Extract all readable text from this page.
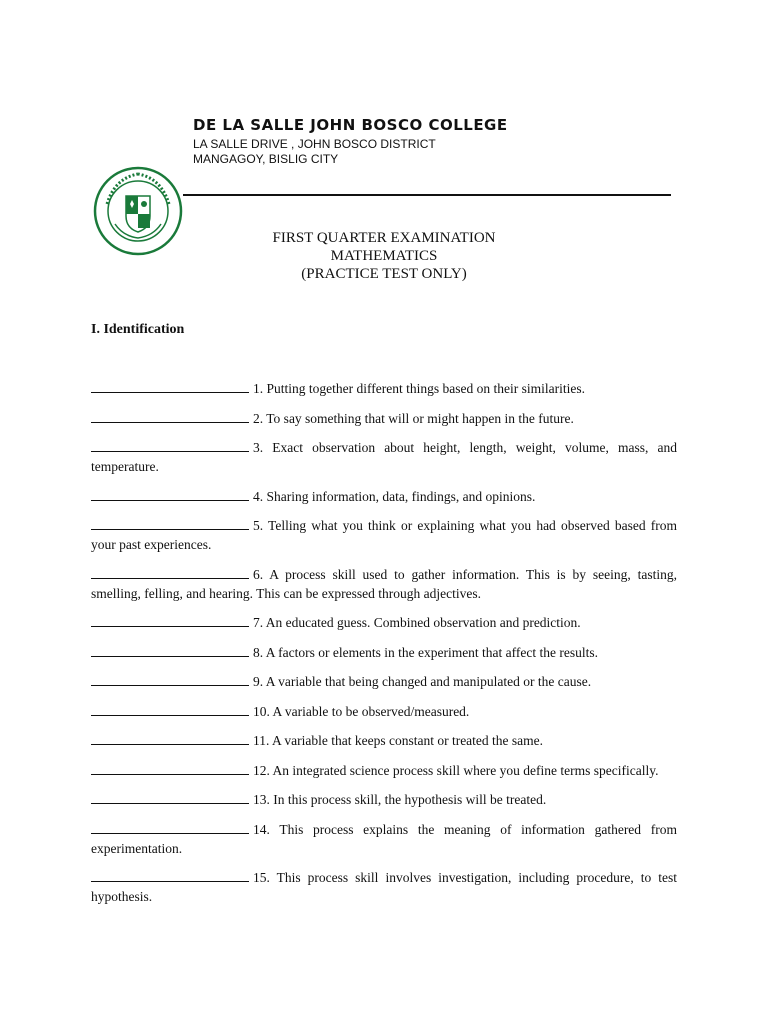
DE LA SALLE JOHN BOSCO COLLEGE
LA SALLE DRIVE , JOHN BOSCO DISTRICT
MANGAGOY, BISLIG CITY
FIRST QUARTER EXAMINATION
MATHEMATICS
(PRACTICE TEST ONLY)
I. Identification
1. Putting together different things based on their similarities.
2. To say something that will or might happen in the future.
3. Exact observation about height, length, weight, volume, mass, and temperature.
4. Sharing information, data, findings, and opinions.
5. Telling what you think or explaining what you had observed based from your past experiences.
6. A process skill used to gather information. This is by seeing, tasting, smelling, felling, and hearing. This can be expressed through adjectives.
7. An educated guess. Combined observation and prediction.
8. A factors or elements in the experiment that affect the results.
9. A variable that being changed and manipulated or the cause.
10. A variable to be observed/measured.
11. A variable that keeps constant or treated the same.
12. An integrated science process skill where you define terms specifically.
13. In this process skill, the hypothesis will be treated.
14. This process explains the meaning of information gathered from experimentation.
15. This process skill involves investigation, including procedure, to test hypothesis.
